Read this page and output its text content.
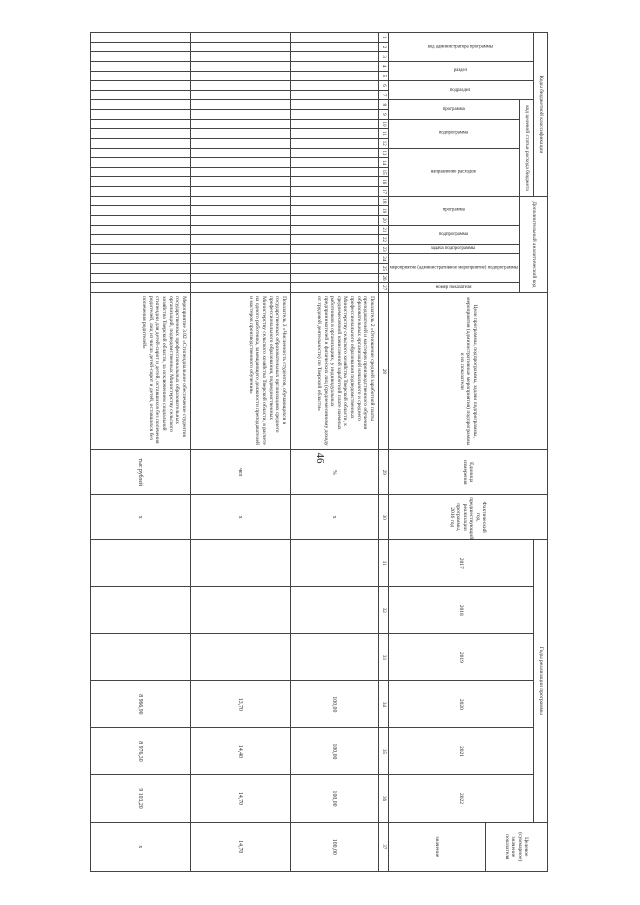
46
Коды бюджетной классификации																	Дополнительный аналитический код										Цели программы, подпрограммы, задачи подпрограммы, мероприятия (административные мероприятия) подпрограммы и их показатели	Единица измерения	Фактический год, предшествующий реализации программы, 2016 год	Годы реализации программы						Целевое (суммарное) значение показателя
код администратора программы			раздел		подраздел		код целевой статьи расхода бюджета																							2017	2018	2019	2020	2021	2022	
							программа		подпрограмма			направление расходов					программа			подпрограмма		задача подпрограммы	мероприятие (административное мероприятие) подпрограммы			номер показателя										
																																				значение
1	2	3	4	5	6	7	8	9	10	11	12	13	14	15	16	17	18	19	20	21	22	23	24	25	26	27	28	29	30	31	32	33	34	35	36	37
																											Показатель 2 «Отношение средней заработной платы преподавателей и мастеров производственного обучения образовательных организаций начального и среднего профессионального образования подведомственных Министерству сельского хозяйства Тверской области, к среднемесячной начисленной заработной плате наемных работников в организациях, у индивидуальных предпринимателей и физических лиц (среднемесячному доходу от трудовой деятельности) по Тверской области»	%	х				100,00	100,00	100,00	100,00
																											Показатель 3 «Численность студентов, обучающихся в государственных образовательных организациях среднего профессионального образования, подведомственных Министерству сельского хозяйства Тверской области, в расчете на одного работника, замещающего должности преподавателей и мастеров производственного обучения»	чел	х				13,70	14,40	14,70	14,70
																											Мероприятие 3.02 «Стипендиальное обеспечение студентов государственных профессиональных образовательных организаций, подведомственных Министерству сельского хозяйства Тверской области, за исключением социальной стипендии для детей-сирот и детей, оставшихся без попечения родителей, лиц из числа детей-сирот и детей, оставшихся без попечения родителей»	тыс рублей	х				8 966,90	8 976,30	9 103,20	х
